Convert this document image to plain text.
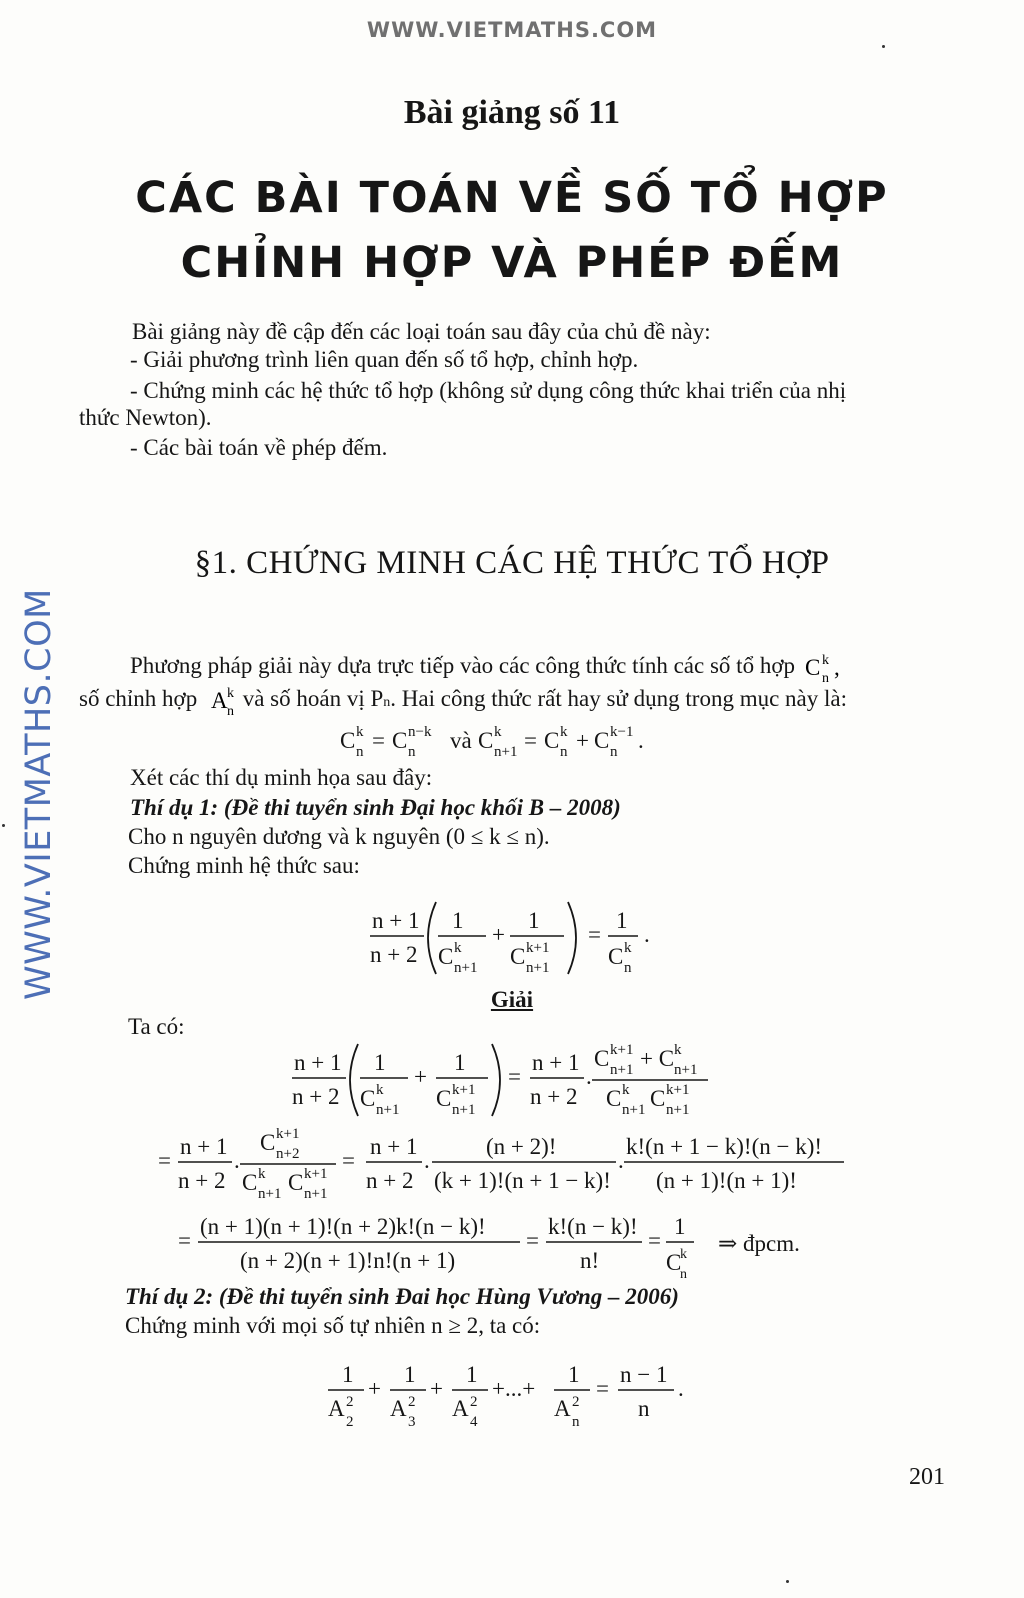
WWW.VIETMATHS.COM
WWW.VIETMATHS.COM
Bài giảng số 11
CÁC BÀI TOÁN VỀ SỐ TỔ HỢP
CHỈNH HỢP VÀ PHÉP ĐẾM
Bài giảng này đề cập đến các loại toán sau đây của chủ đề này:
- Giải phương trình liên quan đến số tổ hợp, chỉnh hợp.
- Chứng minh các hệ thức tổ hợp (không sử dụng công thức khai triển của nhị
thức Newton).
- Các bài toán về phép đếm.
§1. CHỨNG MINH CÁC HỆ THỨC TỔ HỢP
Phương pháp giải này dựa trực tiếp vào các công thức tính các số tổ hợp C k
n ,
số chỉnh hợp A k
n
và số hoán vị Pn. Hai công thức rất hay sử dụng trong mục này là:
C k
n = C n−k
n và C k
n+1 = C k
n + C k−1
n .
Xét các thí dụ minh họa sau đây:
Thí dụ 1: (Đề thi tuyển sinh Đại học khối B – 2008)
Cho n nguyên dương và k nguyên (0 ≤ k ≤ n).
Chứng minh hệ thức sau:
n + 1
n + 2
1
C k
n+1
+
1
C k+1
n+1
=
1
C k
n
.
Giải
Ta có:
n + 1
n + 2
1
C k
n+1
+
1
C k+1
n+1
=
n + 1
n + 2
.
C k+1
n+1 + C k
n+1
C k
n+1 C k+1
n+1
=
n + 1
n + 2
.
C k+1
n+2
C k
n+1 C k+1
n+1
=
n + 1
n + 2
.
(n + 2)!
(k + 1)!(n + 1 − k)!
.
k!(n + 1 − k)!(n − k)!
(n + 1)!(n + 1)!
=
(n + 1)(n + 1)!(n + 2)k!(n − k)!
(n + 2)(n + 1)!n!(n + 1)
=
k!(n − k)!
n!
=
1
C
k
n
⇒ đpcm.
Thí dụ 2: (Đề thi tuyển sinh Đai học Hùng Vương – 2006)
Chứng minh với mọi số tự nhiên n ≥ 2, ta có:
1
A 2
2
+
1
A 2
3
+
1
A 2
4
+...+
1
A 2
n
=
n − 1
n
.
201
